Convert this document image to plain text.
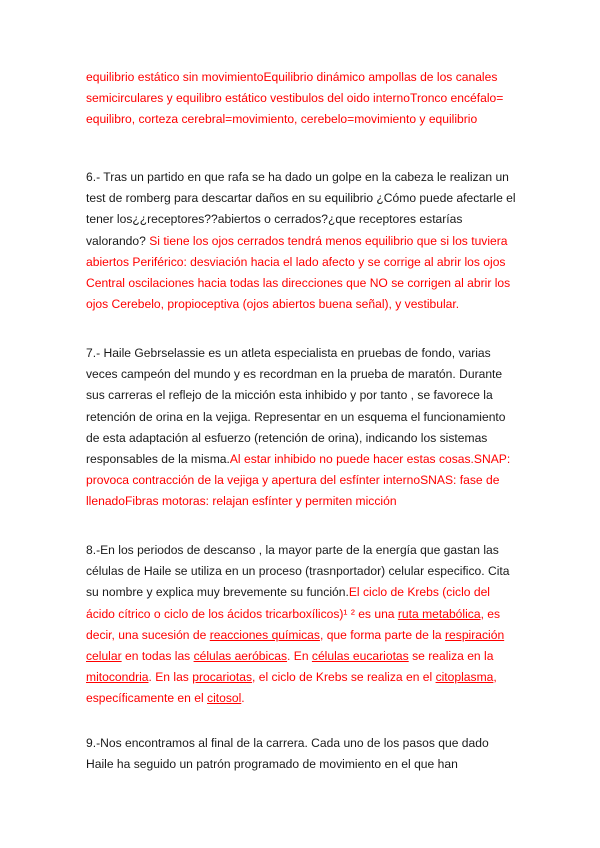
equilibrio estático sin movimientoEquilibrio dinámico ampollas de los canales semicirculares y equilibro estático vestibulos del oido internoTronco encéfalo= equilibro, corteza cerebral=movimiento, cerebelo=movimiento y equilibrio
6.- Tras un partido en que rafa se ha dado un golpe en la cabeza le realizan un test de romberg para descartar daños en su equilibrio ¿Cómo puede afectarle el tener los¿¿receptores??abiertos o cerrados?¿que receptores estarías valorando? Si tiene los ojos cerrados tendrá menos equilibrio que si los tuviera abiertos Periférico: desviación hacia el lado afecto y se corrige al abrir los ojos Central oscilaciones hacia todas las direcciones que NO se corrigen al abrir los ojos Cerebelo, propioceptiva (ojos abiertos buena señal), y vestibular.
7.- Haile Gebrselassie es un atleta especialista en pruebas de fondo, varias veces campeón del mundo y es recordman en la prueba de maratón. Durante sus carreras el reflejo de la micción esta inhibido y por tanto , se favorece la retención de orina en la vejiga. Representar en un esquema el funcionamiento de esta adaptación al esfuerzo (retención de orina), indicando los sistemas responsables de la misma.Al estar inhibido no puede hacer estas cosas.SNAP: provoca contracción de la vejiga y apertura del esfínter internoSNAS: fase de llenadoFibras motoras: relajan esfínter y permiten micción
8.-En los periodos de descanso , la mayor parte de la energía que gastan las células de Haile se utiliza en un proceso (trasnportador) celular especifico. Cita su nombre y explica muy brevemente su función.El ciclo de Krebs (ciclo del ácido cítrico o ciclo de los ácidos tricarboxílicos)¹ ² es una ruta metabólica, es decir, una sucesión de reacciones químicas, que forma parte de la respiración celular en todas las células aeróbicas. En células eucariotas se realiza en la mitocondria. En las procariotas, el ciclo de Krebs se realiza en el citoplasma, específicamente en el citosol.
9.-Nos encontramos al final de la carrera. Cada uno de los pasos que dado Haile ha seguido un patrón programado de movimiento en el que han
